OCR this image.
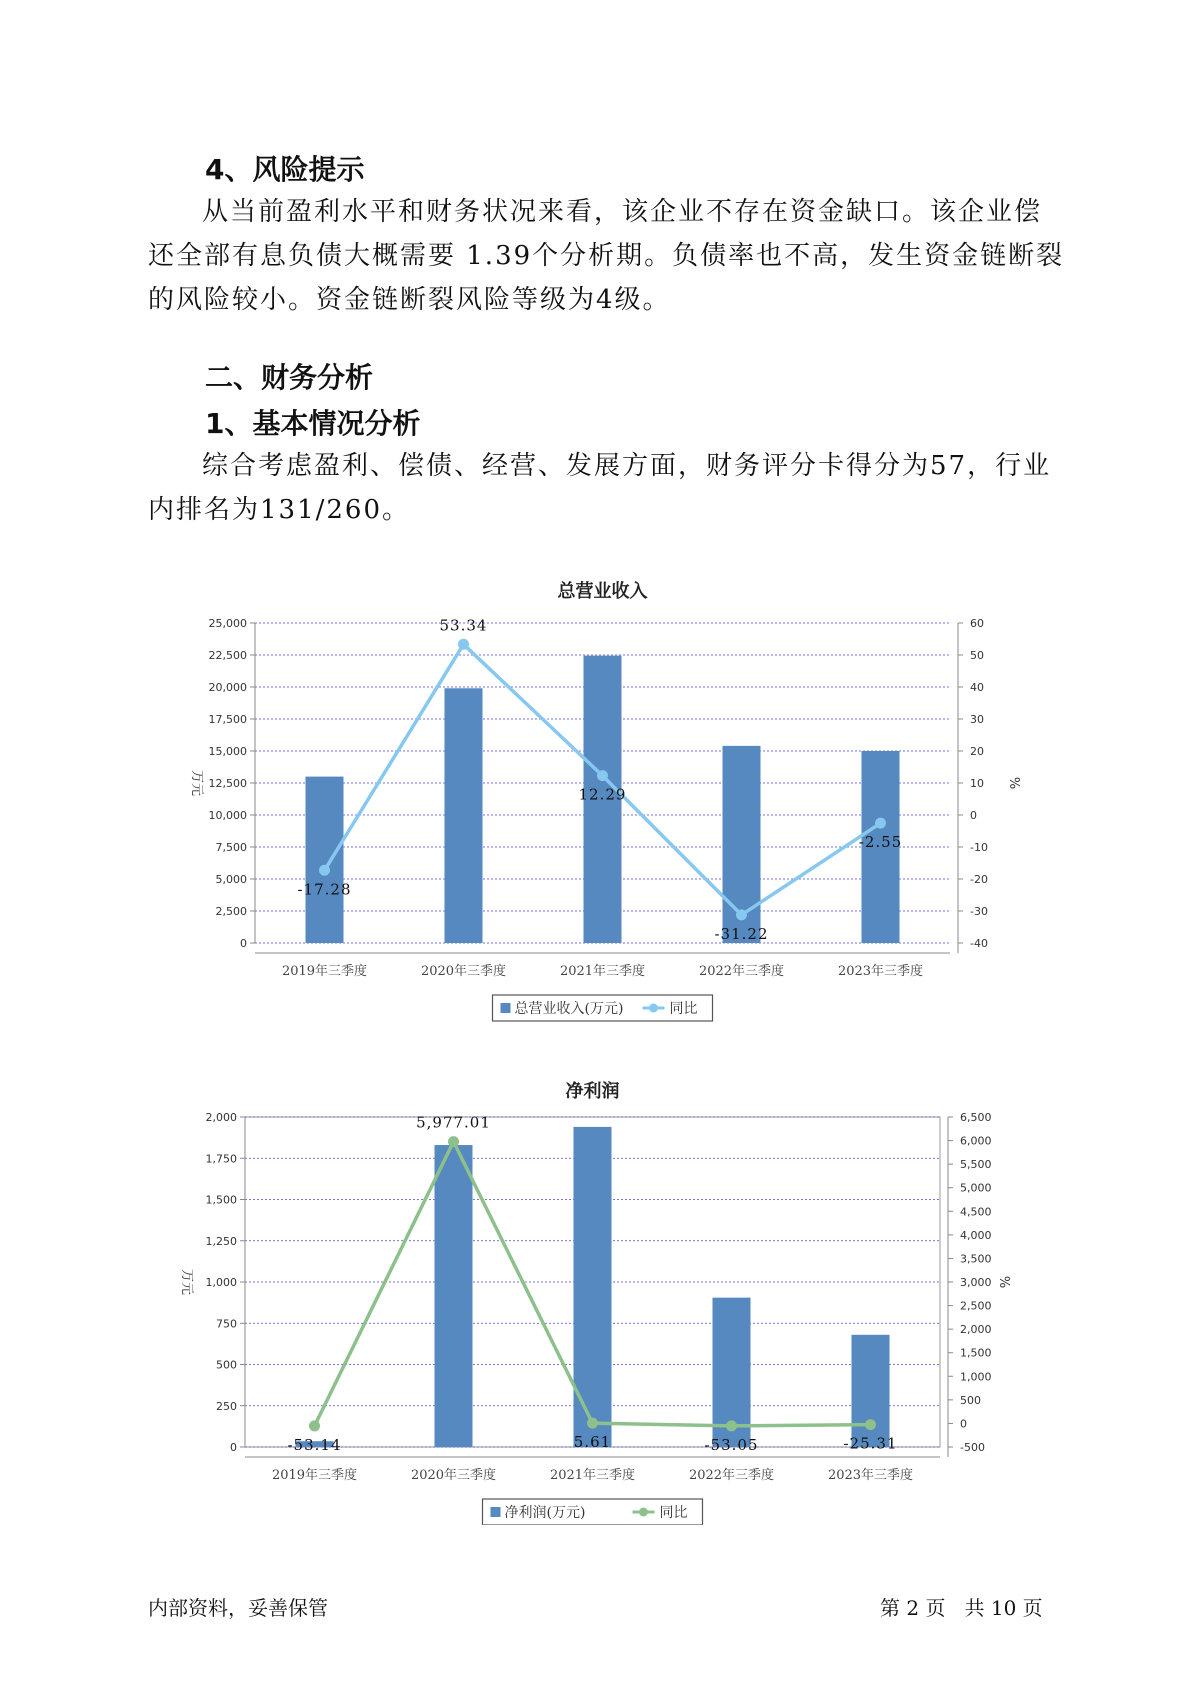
4、风险提示

从当前盈利水平和财务状况来看，该企业不存在资金缺口。该企业偿还全部有息负债大概需要 1.39个分析期。负债率也不高，发生资金链断裂的风险较小。资金链断裂风险等级为4级。

二、财务分析
1、基本情况分析

综合考虑盈利、偿债、经营、发展方面，财务评分卡得分为57，行业内排名为131/260。

总营业收入
0
2,500
5,000
7,500
10,000
12,500
15,000
17,500
20,000
22,500
25,000
-40
-30
-20
-10
0
10
20
30
40
50
60
万元	%
2019年三季度	2020年三季度	2021年三季度	2022年三季度	2023年三季度
-17.28
53.34
12.29
-31.22
-2.55
总营业收入(万元)	同比
净利润
0
250
500
750
1,000
1,250
1,500
1,750
2,000
-500
0
500
1,000
1,500
2,000
2,500
3,000
3,500
4,000
4,500
5,000
5,500
6,000
6,500
万元	%
2019年三季度	2020年三季度	2021年三季度	2022年三季度	2023年三季度
-53.14
5,977.01
5.61	-53.05	-25.31
净利润(万元)	同比
内部资料，妥善保管	第 2 页   共 10 页
